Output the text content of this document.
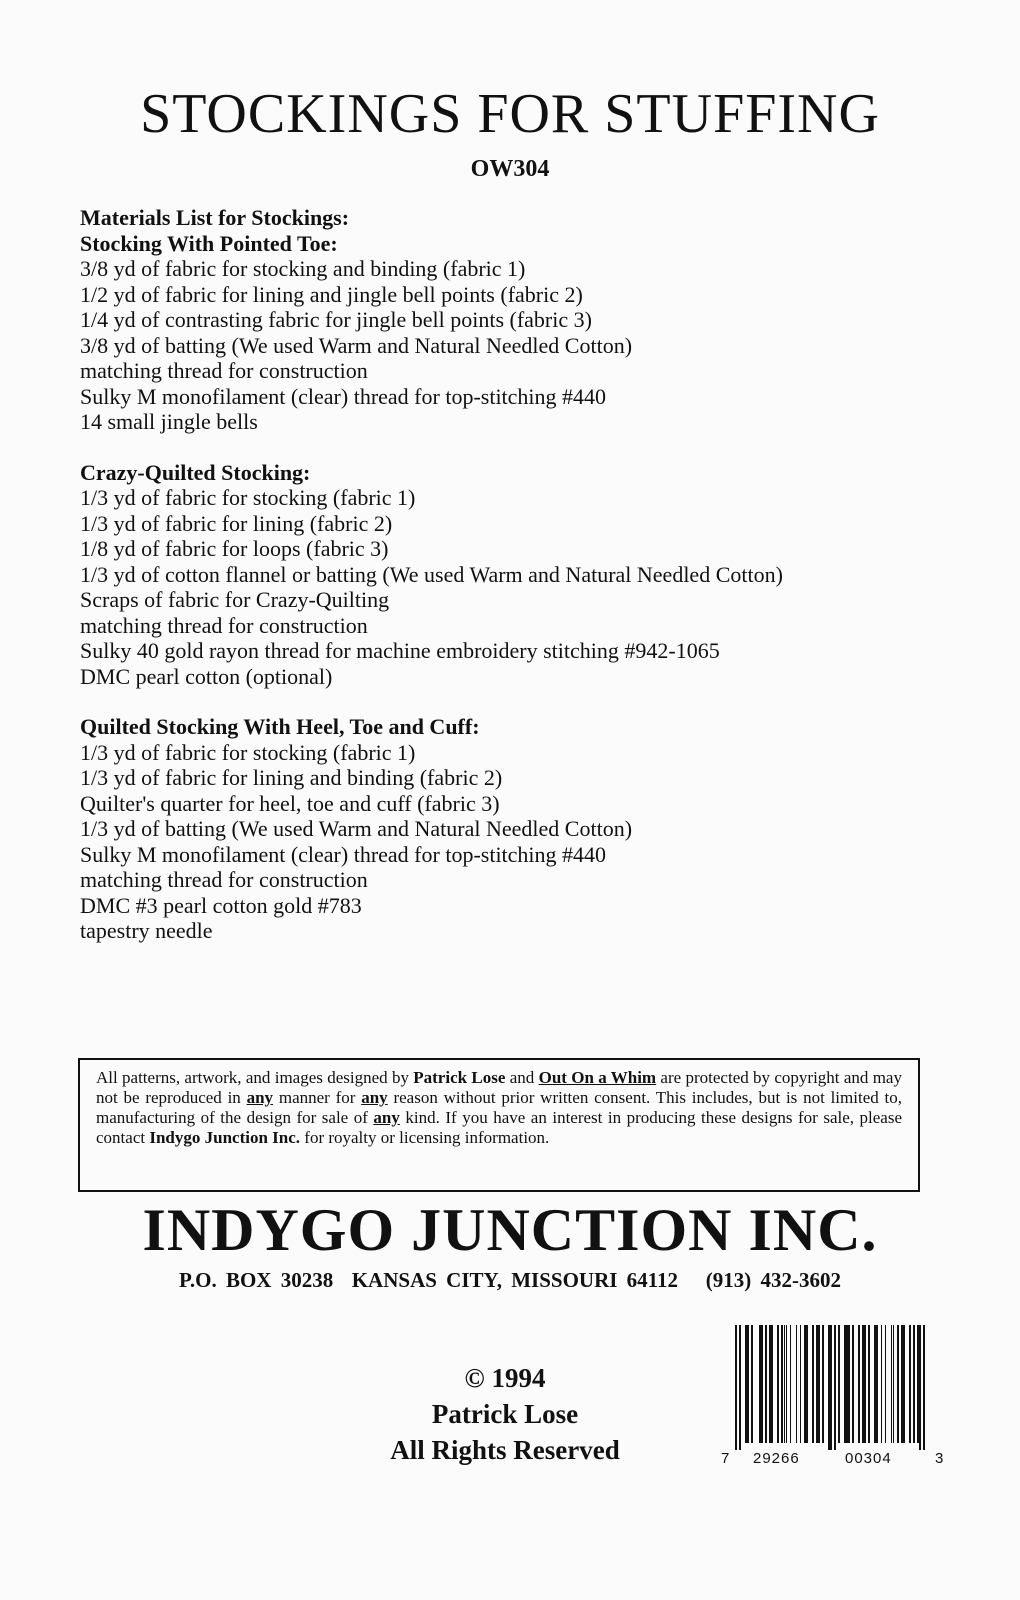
STOCKINGS FOR STUFFING
OW304
Materials List for Stockings:
Stocking With Pointed Toe:
3/8 yd of fabric for stocking and binding (fabric 1)
1/2 yd of fabric for lining and jingle bell points (fabric 2)
1/4 yd of contrasting fabric for jingle bell points (fabric 3)
3/8 yd of batting (We used Warm and Natural Needled Cotton)
matching thread for construction
Sulky M monofilament (clear) thread for top-stitching #440
14 small jingle bells
Crazy-Quilted Stocking:
1/3 yd of fabric for stocking (fabric 1)
1/3 yd of fabric for lining (fabric 2)
1/8 yd of fabric for loops (fabric 3)
1/3 yd of cotton flannel or batting (We used Warm and Natural Needled Cotton)
Scraps of fabric for Crazy-Quilting
matching thread for construction
Sulky 40 gold rayon thread for machine embroidery stitching #942-1065
DMC pearl cotton (optional)
Quilted Stocking With Heel, Toe and Cuff:
1/3 yd of fabric for stocking (fabric 1)
1/3 yd of fabric for lining and binding (fabric 2)
Quilter's quarter for heel, toe and cuff (fabric 3)
1/3 yd of batting (We used Warm and Natural Needled Cotton)
Sulky M monofilament (clear) thread for top-stitching #440
matching thread for construction
DMC #3 pearl cotton gold #783
tapestry needle
All patterns, artwork, and images designed by Patrick Lose and Out On a Whim are protected by copyright and may not be reproduced in any manner for any reason without prior written consent. This includes, but is not limited to, manufacturing of the design for sale of any kind. If you have an interest in producing these designs for sale, please contact Indygo Junction Inc. for royalty or licensing information.
INDYGO JUNCTION INC.
P.O. BOX 30238 KANSAS CITY, MISSOURI 64112 (913) 432-3602
© 1994
Patrick Lose
All Rights Reserved	7 29266	00304	3
